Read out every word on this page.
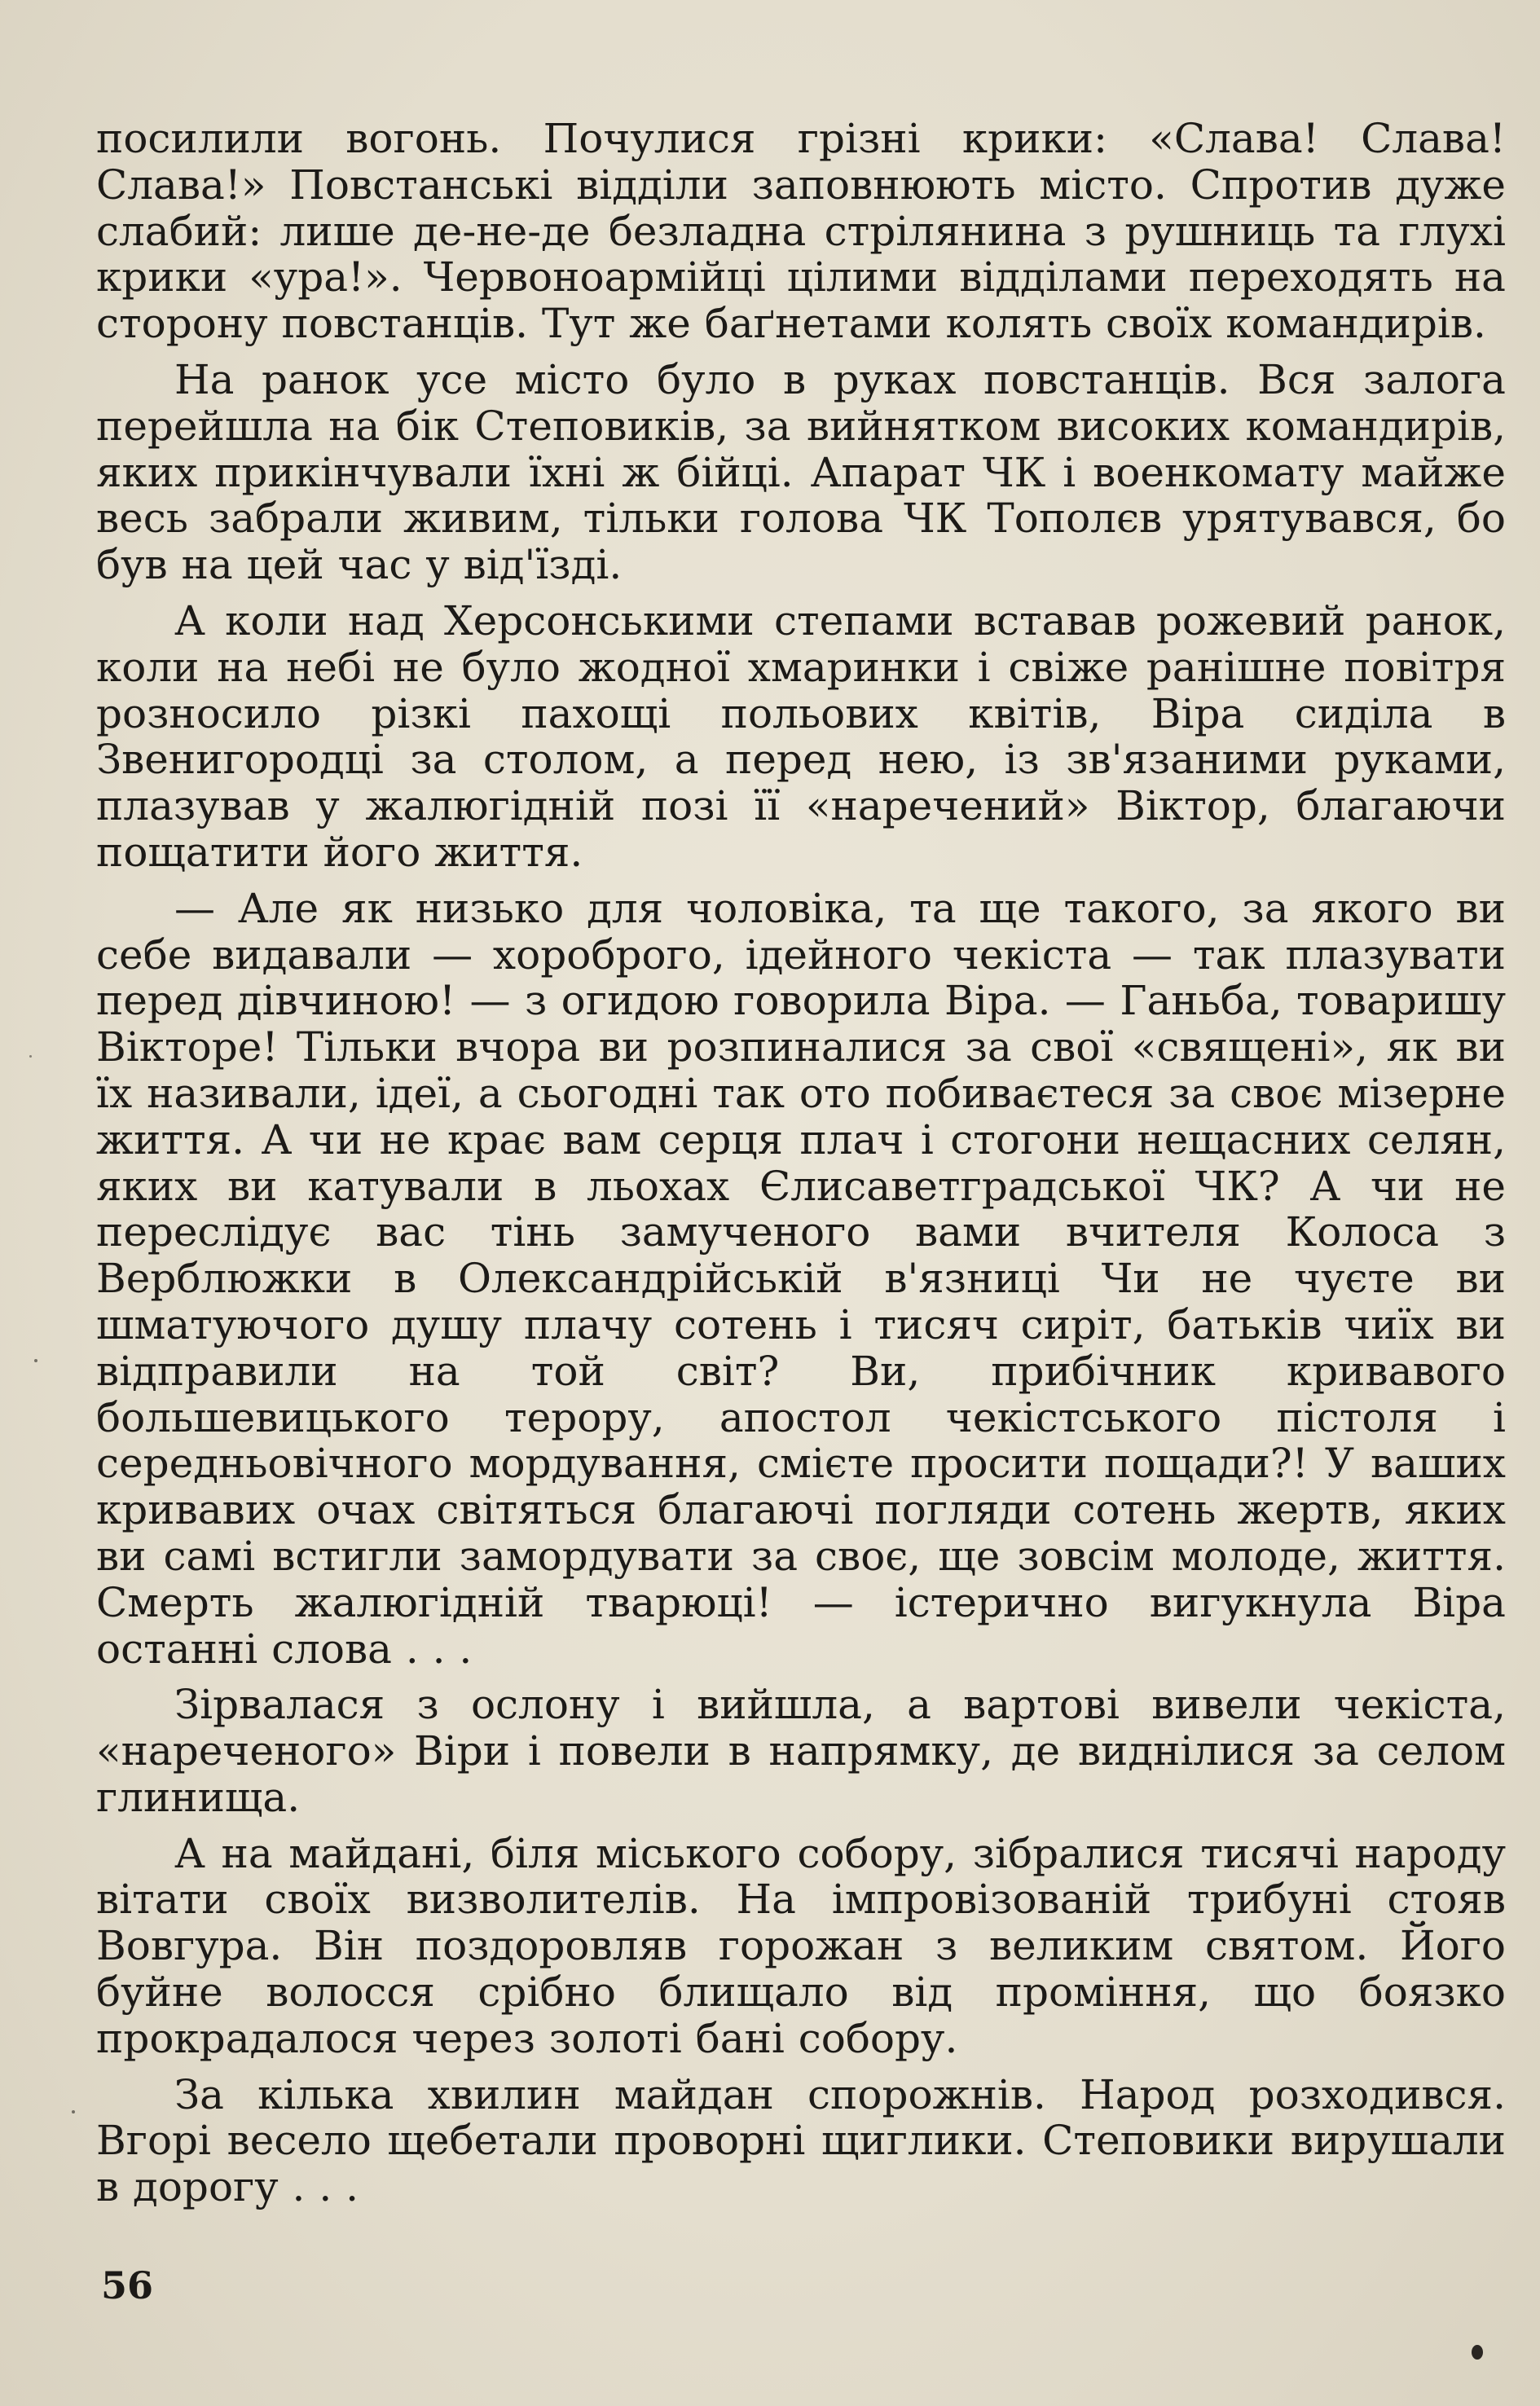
посилили вогонь. Почулися грізні крики: «Слава! Слава! Слава!» Повстанські відділи заповнюють місто. Спротив дуже слабий: лише де-не-де безладна стрілянина з рушниць та глухі крики «ура!». Червоноармійці цілими відділами переходять на сторону повстанців. Тут же баґнетами колять своїх командирів.

На ранок усе місто було в руках повстанців. Вся залога перейшла на бік Степовиків, за вийнятком високих командирів, яких прикінчували їхні ж бійці. Апарат ЧК і военкомату майже весь забрали живим, тільки голова ЧК Тополєв урятувався, бо був на цей час у від'їзді.

А коли над Херсонськими степами вставав рожевий ранок, коли на небі не було жодної хмаринки і свіже ранішне повітря розносило різкі пахощі польових квітів, Віра сиділа в Звенигородці за столом, а перед нею, із зв'язаними руками, плазував у жалюгідній позі її «наречений» Віктор, благаючи пощатити його життя.

— Але як низько для чоловіка, та ще такого, за якого ви себе видавали — хороброго, ідейного чекіста — так плазувати перед дівчиною! — з огидою говорила Віра. — Ганьба, товаришу Вікторе! Тільки вчора ви розпиналися за свої «священі», як ви їх називали, ідеї, а сьогодні так ото побиваєтеся за своє мізерне життя. А чи не крає вам серця плач і стогони нещасних селян, яких ви катували в льохах Єлисаветградської ЧК? А чи не переслідує вас тінь замученого вами вчителя Колоса з Верблюжки в Олександрійській в'язниці Чи не чуєте ви шматуючого душу плачу сотень і тисяч сиріт, батьків чиїх ви відправили на той світ? Ви, прибічник кривавого большевицького терору, апостол чекістського пістоля і середньовічного мордування, смієте просити пощади?! У ваших кривавих очах світяться благаючі погляди сотень жертв, яких ви самі встигли замордувати за своє, ще зовсім молоде, життя. Смерть жалюгідній тварюці! — істерично вигукнула Віра останні слова . . .

Зірвалася з ослону і вийшла, а вартові вивели чекіста, «нареченого» Віри і повели в напрямку, де виднілися за селом глинища.

А на майдані, біля міського собору, зібралися тисячі народу вітати своїх визволителів. На імпровізованій трибуні стояв Вовгура. Він поздоровляв горожан з великим святом. Його буйне волосся срібно блищало від проміння, що боязко прокрадалося через золоті бані собору.

За кілька хвилин майдан спорожнів. Народ розходився. Вгорі весело щебетали проворні щиглики. Степовики вирушали в дорогу . . .

56
